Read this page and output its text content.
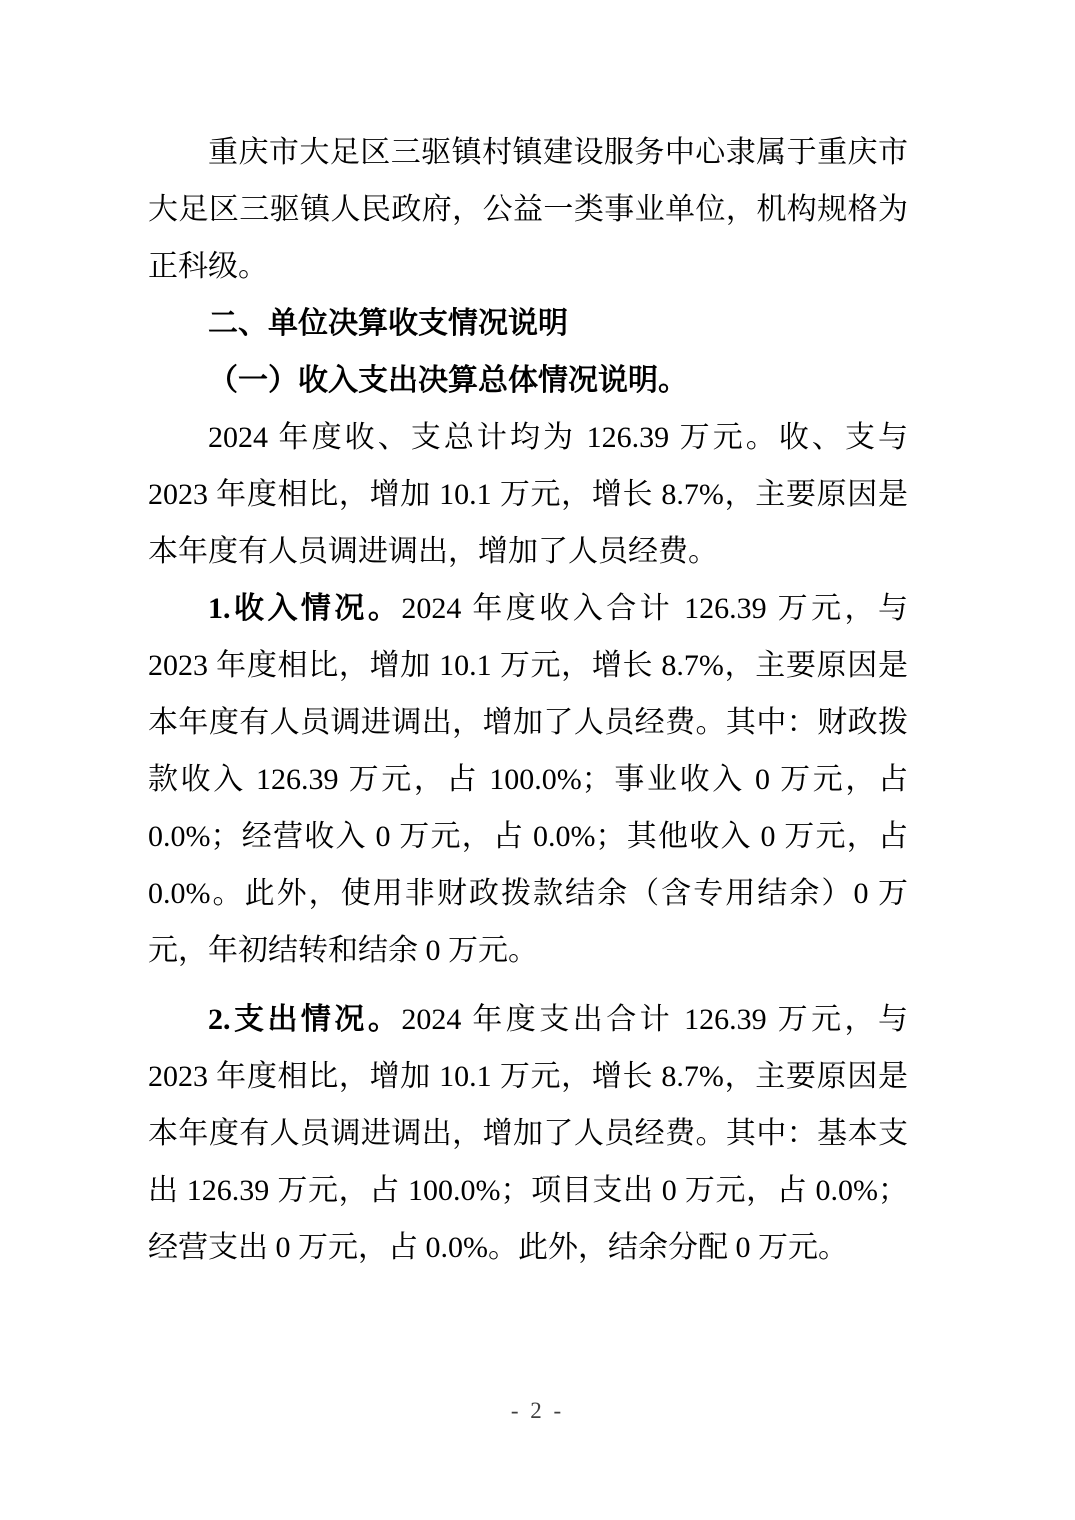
重庆市大足区三驱镇村镇建设服务中心隶属于重庆市大足区三驱镇人民政府，公益一类事业单位，机构规格为正科级。

二、单位决算收支情况说明

（一）收入支出决算总体情况说明。

2024 年度收、支总计均为 126.39 万元。收、支与 2023 年度相比，增加 10.1 万元，增长 8.7%，主要原因是本年度有人员调进调出，增加了人员经费。

1.收入情况。2024 年度收入合计 126.39 万元，与 2023 年度相比，增加 10.1 万元，增长 8.7%，主要原因是本年度有人员调进调出，增加了人员经费。其中：财政拨款收入 126.39 万元，占 100.0%；事业收入 0 万元，占 0.0%；经营收入 0 万元，占 0.0%；其他收入 0 万元，占 0.0%。此外，使用非财政拨款结余（含专用结余）0 万元，年初结转和结余 0 万元。

2.支出情况。2024 年度支出合计 126.39 万元，与 2023 年度相比，增加 10.1 万元，增长 8.7%，主要原因是本年度有人员调进调出，增加了人员经费。其中：基本支出 126.39 万元，占 100.0%；项目支出 0 万元，占 0.0%；经营支出 0 万元，占 0.0%。此外，结余分配 0 万元。

- 2 -
